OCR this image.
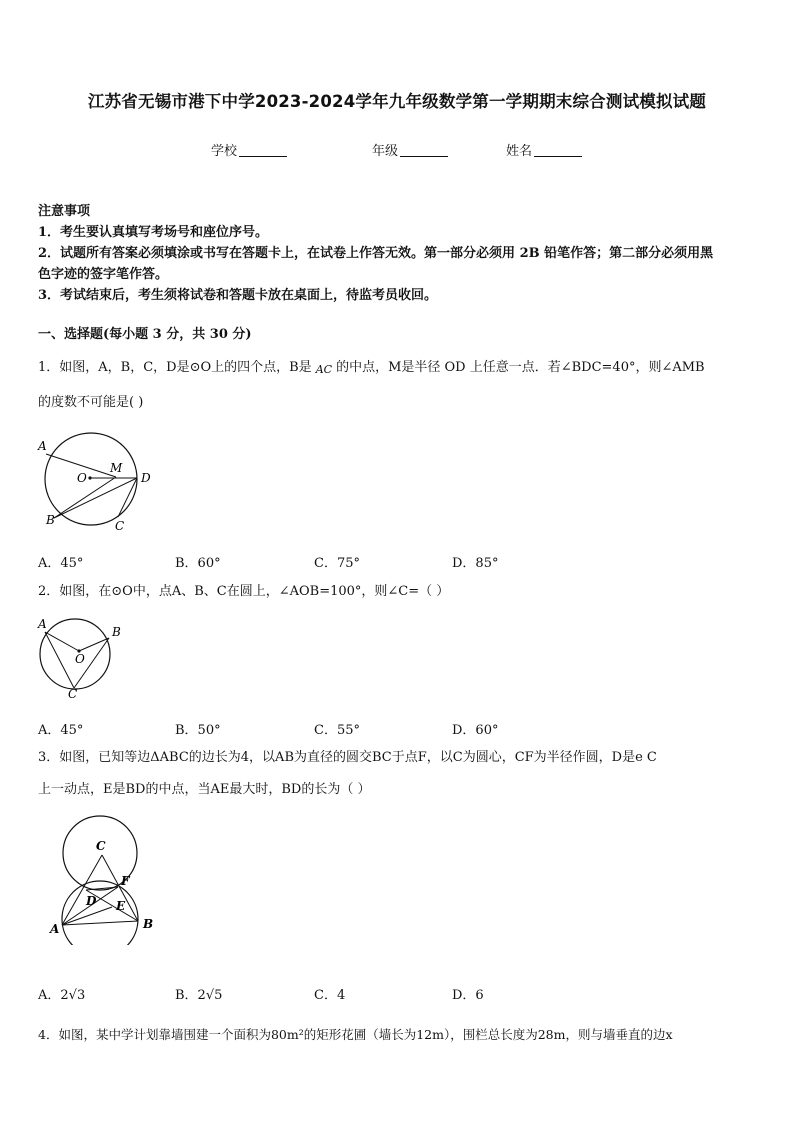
江苏省无锡市港下中学2023-2024学年九年级数学第一学期期末综合测试模拟试题
学校	年级	姓名
注意事项
1．考生要认真填写考场号和座位序号。
2．试题所有答案必须填涂或书写在答题卡上，在试卷上作答无效。第一部分必须用 2B 铅笔作答；第二部分必须用黑
色字迹的签字笔作答。
3．考试结束后，考生须将试卷和答题卡放在桌面上，待监考员收回。
一、选择题(每小题 3 分，共 30 分)
1．如图，A，B，C，D是⊙O上的四个点，B是 AC 的中点，M是半径 OD 上任意一点．若∠BDC=40°，则∠AMB
的度数不可能是( )
A
O
M
D
B	C
A．45°	B．60°	C．75°	D．85°
2．如图，在⊙O中，点A、B、C在圆上，∠AOB=100°，则∠C=（ ）
A
B
O
C
A．45°	B．50°	C．55°	D．60°
3．如图，已知等边ΔABC的边长为4，以AB为直径的圆交BC于点F，以C为圆心，CF为半径作圆，D是e C
上一动点，E是BD的中点，当AE最大时，BD的长为（ ）
C
F
D E
A	B
A．2√3	B．2√5	C．4	D．6
4．如图，某中学计划靠墙围建一个面积为80m²的矩形花圃（墙长为12m），围栏总长度为28m，则与墙垂直的边x
